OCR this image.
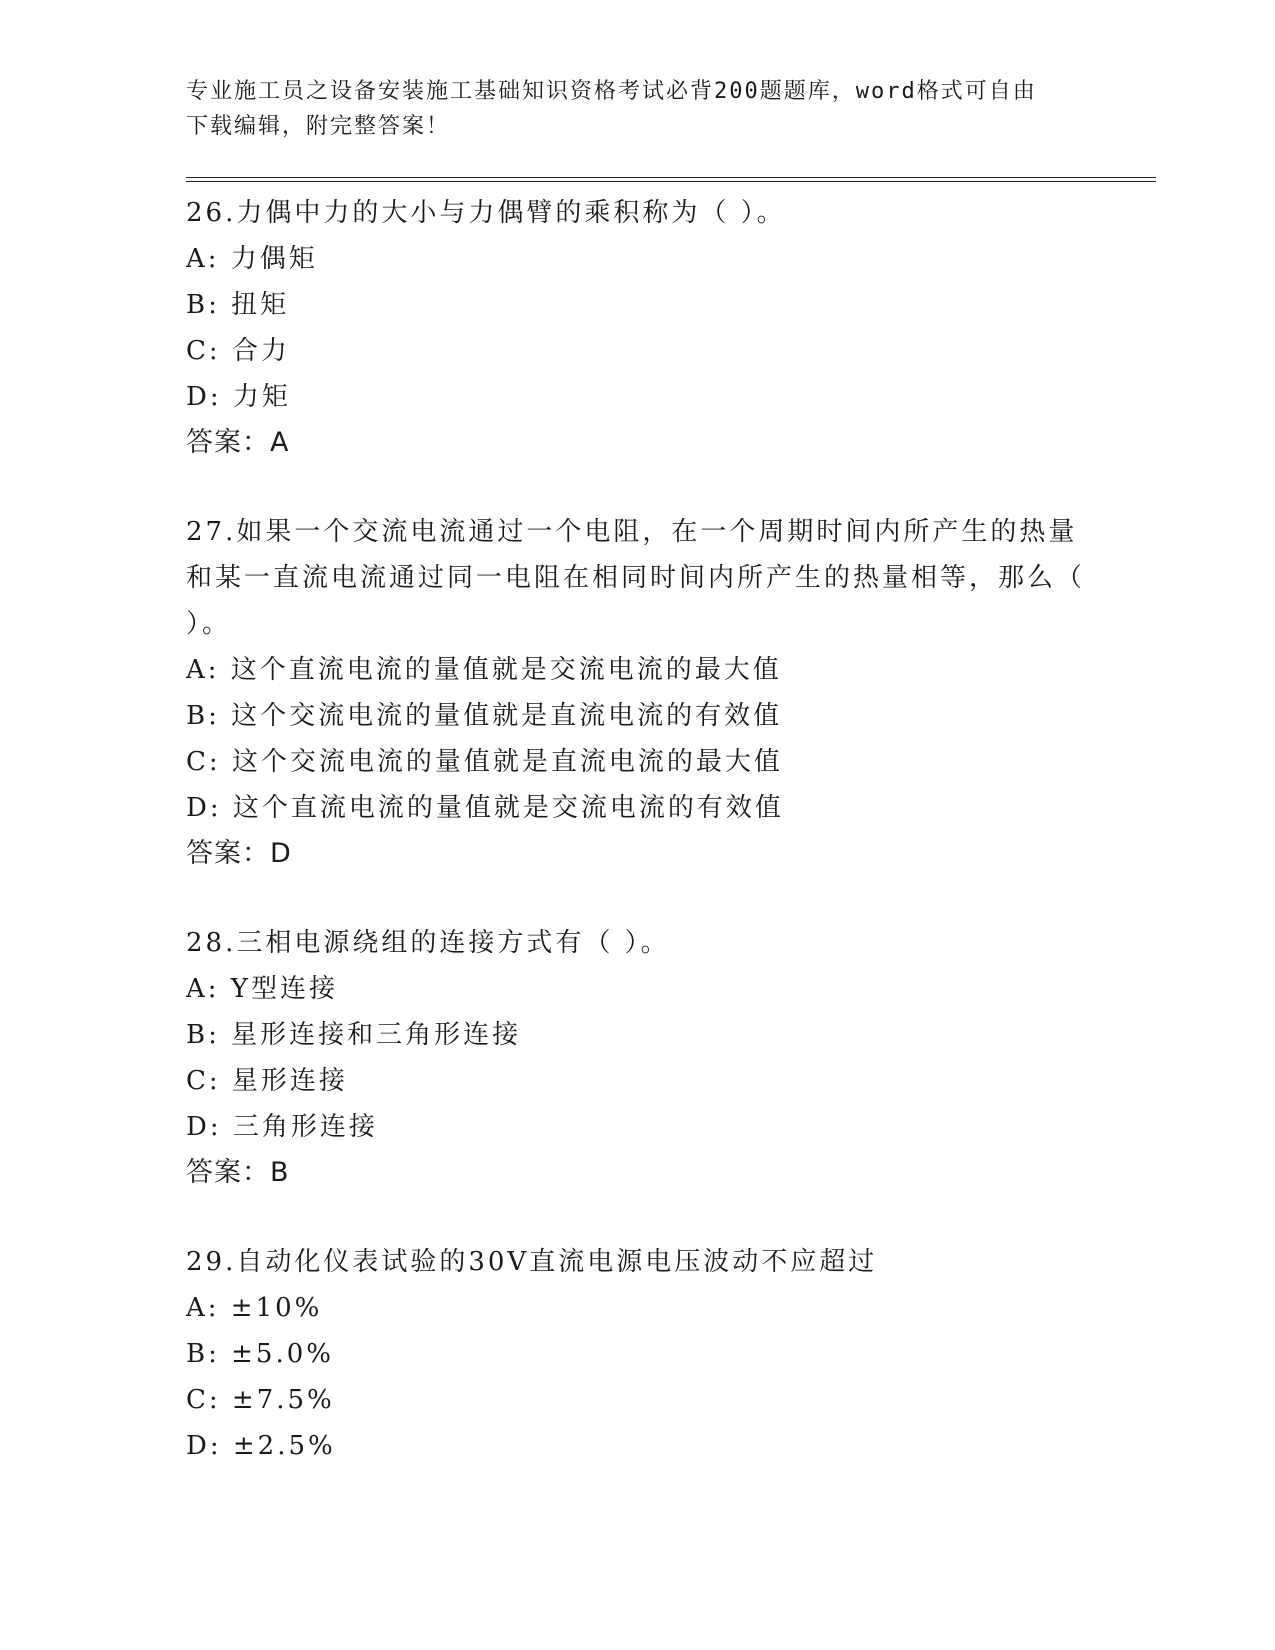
专业施工员之设备安装施工基础知识资格考试必背200题题库，word格式可自由
下载编辑，附完整答案！

26.力偶中力的大小与力偶臂的乘积称为（ ）。

A: 力偶矩

B: 扭矩

C: 合力

D: 力矩

答案：A

27.如果一个交流电流通过一个电阻，在一个周期时间内所产生的热量和某一直流电流通过同一电阻在相同时间内所产生的热量相等，那么（ ）。

A: 这个直流电流的量值就是交流电流的最大值

B: 这个交流电流的量值就是直流电流的有效值

C: 这个交流电流的量值就是直流电流的最大值

D: 这个直流电流的量值就是交流电流的有效值

答案：D

28.三相电源绕组的连接方式有（ ）。

A: Y型连接

B: 星形连接和三角形连接

C: 星形连接

D: 三角形连接

答案：B

29.自动化仪表试验的30V直流电源电压波动不应超过

A: ±10%

B: ±5.0%

C: ±7.5%

D: ±2.5%
